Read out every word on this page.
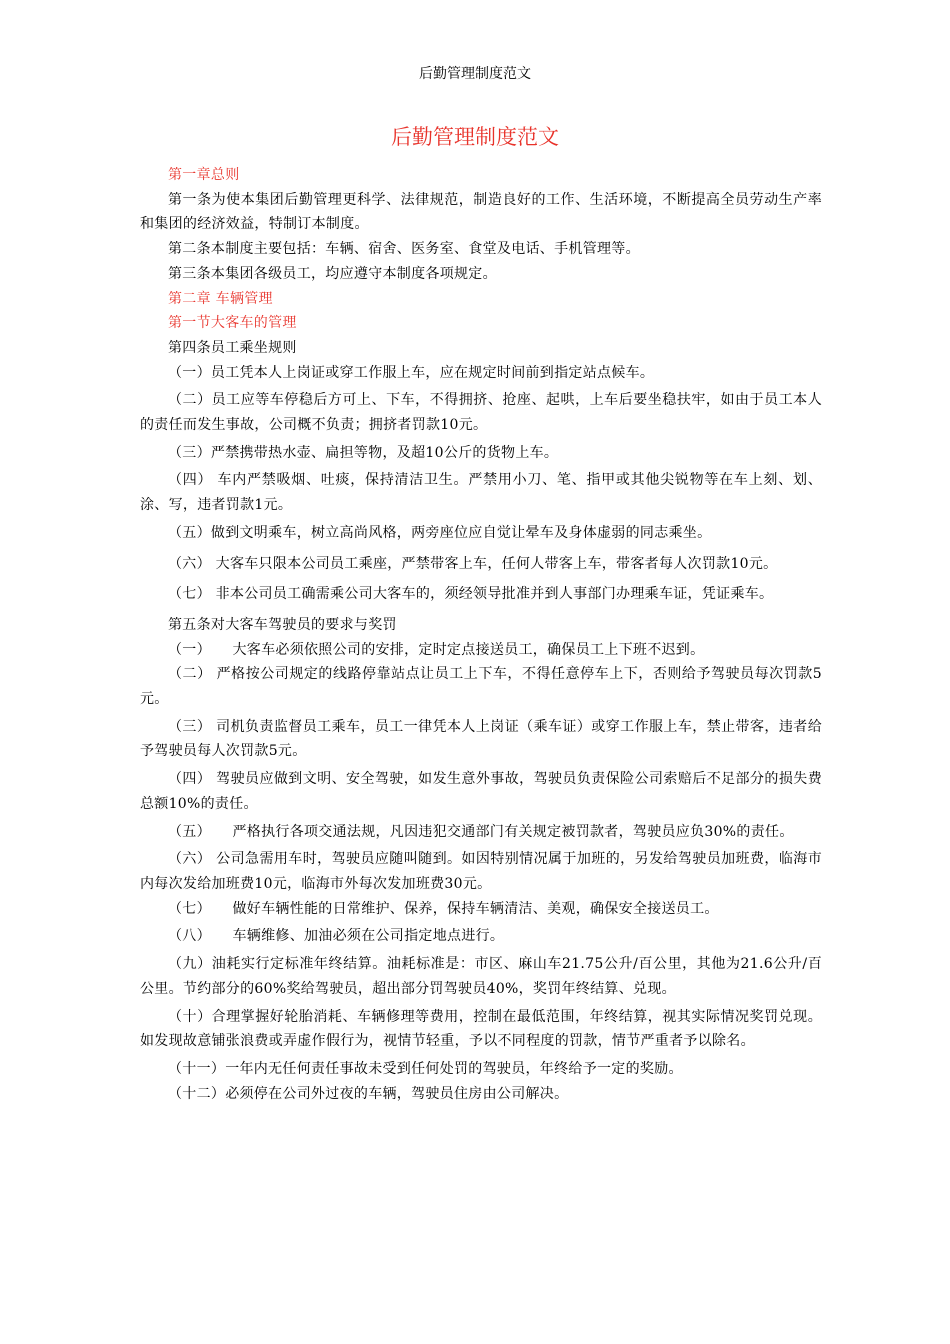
后勤管理制度范文
后勤管理制度范文

第一章总则

第一条为使本集团后勤管理更科学、法律规范，制造良好的工作、生活环境，不断提高全员劳动生产率和集团的经济效益，特制订本制度。

第二条本制度主要包括：车辆、宿舍、医务室、食堂及电话、手机管理等。

第三条本集团各级员工，均应遵守本制度各项规定。

第二章 车辆管理

第一节大客车的管理

第四条员工乘坐规则

（一）员工凭本人上岗证或穿工作服上车，应在规定时间前到指定站点候车。

（二）员工应等车停稳后方可上、下车，不得拥挤、抢座、起哄，上车后要坐稳扶牢，如由于员工本人的责任而发生事故，公司概不负责；拥挤者罚款10元。

（三）严禁携带热水壶、扁担等物，及超10公斤的货物上车。

（四） 车内严禁吸烟、吐痰，保持清洁卫生。严禁用小刀、笔、指甲或其他尖锐物等在车上刻、划、涂、写，违者罚款1元。

（五）做到文明乘车，树立高尚风格，两旁座位应自觉让晕车及身体虚弱的同志乘坐。

（六） 大客车只限本公司员工乘座，严禁带客上车，任何人带客上车，带客者每人次罚款10元。

（七） 非本公司员工确需乘公司大客车的，须经领导批准并到人事部门办理乘车证，凭证乘车。

第五条对大客车驾驶员的要求与奖罚

（一）　　大客车必须依照公司的安排，定时定点接送员工，确保员工上下班不迟到。

（二） 严格按公司规定的线路停靠站点让员工上下车，不得任意停车上下，否则给予驾驶员每次罚款5元。

（三） 司机负责监督员工乘车，员工一律凭本人上岗证（乘车证）或穿工作服上车，禁止带客，违者给予驾驶员每人次罚款5元。

（四） 驾驶员应做到文明、安全驾驶，如发生意外事故，驾驶员负责保险公司索赔后不足部分的损失费总额10%的责任。

（五）　　严格执行各项交通法规，凡因违犯交通部门有关规定被罚款者，驾驶员应负30%的责任。

（六） 公司急需用车时，驾驶员应随叫随到。如因特别情况属于加班的，另发给驾驶员加班费，临海市内每次发给加班费10元，临海市外每次发加班费30元。

（七）　　做好车辆性能的日常维护、保养，保持车辆清洁、美观，确保安全接送员工。

（八）　　车辆维修、加油必须在公司指定地点进行。

（九）油耗实行定标准年终结算。油耗标准是：市区、麻山车21.75公升/百公里，其他为21.6公升/百公里。节约部分的60%奖给驾驶员，超出部分罚驾驶员40%，奖罚年终结算、兑现。

（十）合理掌握好轮胎消耗、车辆修理等费用，控制在最低范围，年终结算，视其实际情况奖罚兑现。如发现故意铺张浪费或弄虚作假行为，视情节轻重，予以不同程度的罚款，情节严重者予以除名。

（十一）一年内无任何责任事故未受到任何处罚的驾驶员，年终给予一定的奖励。

（十二）必须停在公司外过夜的车辆，驾驶员住房由公司解决。
